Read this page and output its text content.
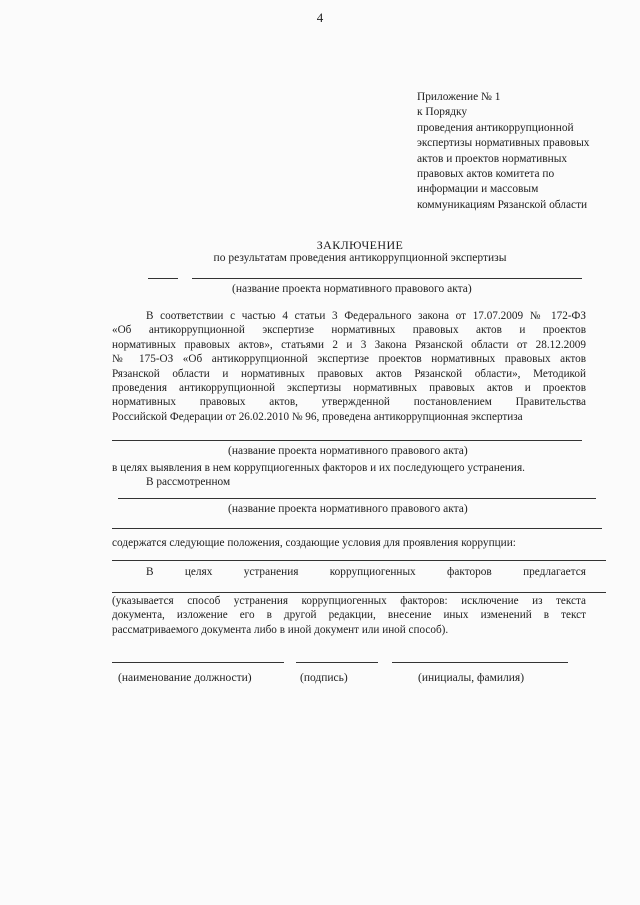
4
Приложение № 1
к Порядку
проведения антикоррупционной
экспертизы нормативных правовых
актов и проектов нормативных
правовых актов комитета по
информации и массовым
коммуникациям Рязанской области
ЗАКЛЮЧЕНИЕ
по результатам проведения антикоррупционной экспертизы
(название проекта нормативного правового акта)
В соответствии с частью 4 статьи 3 Федерального закона от 17.07.2009 № 172-ФЗ
«Об антикоррупционной экспертизе нормативных правовых актов и проектов
нормативных правовых актов», статьями 2 и 3 Закона Рязанской области от 28.12.2009
№ 175-ОЗ «Об антикоррупционной экспертизе проектов нормативных правовых актов
Рязанской области и нормативных правовых актов Рязанской области», Методикой
проведения антикоррупционной экспертизы нормативных правовых актов и проектов
нормативных правовых актов, утвержденной постановлением Правительства
Российской Федерации от 26.02.2010 № 96, проведена антикоррупционная экспертиза
(название проекта нормативного правового акта)
в целях выявления в нем коррупциогенных факторов и их последующего устранения.
В рассмотренном
(название проекта нормативного правового акта)
содержатся следующие положения, создающие условия для проявления коррупции:
В	целях	устранения	коррупциогенных	факторов	предлагается
(указывается способ устранения коррупциогенных факторов: исключение из текста
документа, изложение его в другой редакции, внесение иных изменений в текст
рассматриваемого документа либо в иной документ или иной способ).
(наименование должности)	(подпись)	(инициалы, фамилия)
